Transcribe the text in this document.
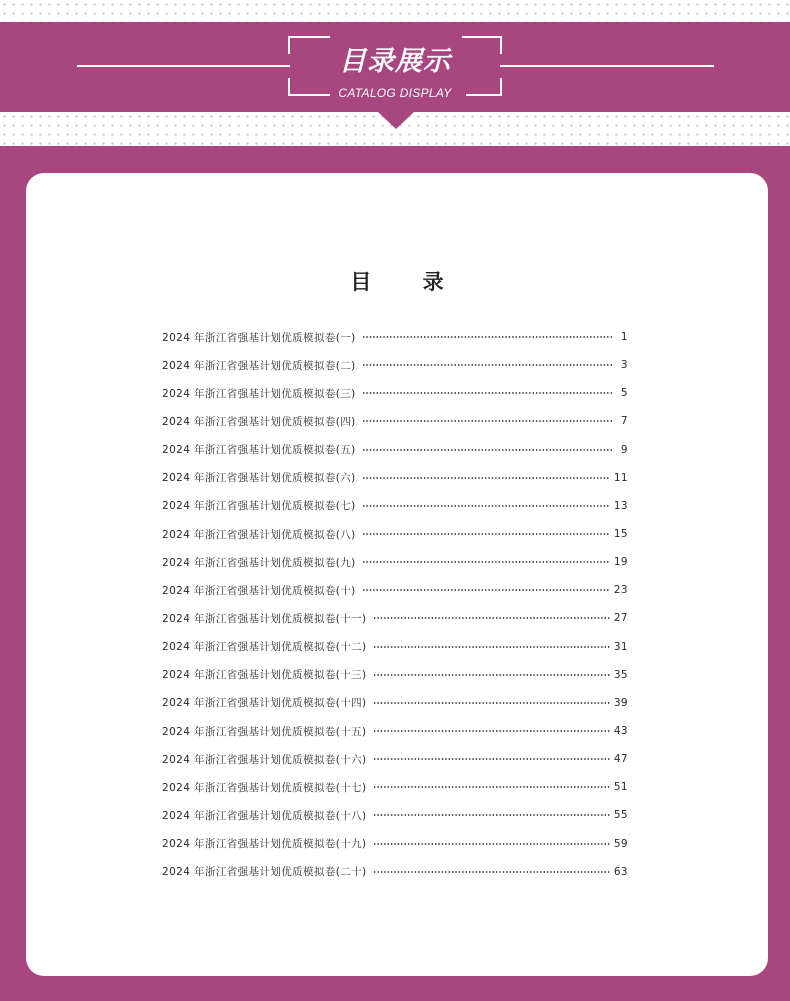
目录展示
CATALOG DISPLAY
目 录
2024 年浙江省强基计划优质模拟卷(一)	1
2024 年浙江省强基计划优质模拟卷(二)	3
2024 年浙江省强基计划优质模拟卷(三)	5
2024 年浙江省强基计划优质模拟卷(四)	7
2024 年浙江省强基计划优质模拟卷(五)	9
2024 年浙江省强基计划优质模拟卷(六)	11
2024 年浙江省强基计划优质模拟卷(七)	13
2024 年浙江省强基计划优质模拟卷(八)	15
2024 年浙江省强基计划优质模拟卷(九)	19
2024 年浙江省强基计划优质模拟卷(十)	23
2024 年浙江省强基计划优质模拟卷(十一)	27
2024 年浙江省强基计划优质模拟卷(十二)	31
2024 年浙江省强基计划优质模拟卷(十三)	35
2024 年浙江省强基计划优质模拟卷(十四)	39
2024 年浙江省强基计划优质模拟卷(十五)	43
2024 年浙江省强基计划优质模拟卷(十六)	47
2024 年浙江省强基计划优质模拟卷(十七)	51
2024 年浙江省强基计划优质模拟卷(十八)	55
2024 年浙江省强基计划优质模拟卷(十九)	59
2024 年浙江省强基计划优质模拟卷(二十)	63
